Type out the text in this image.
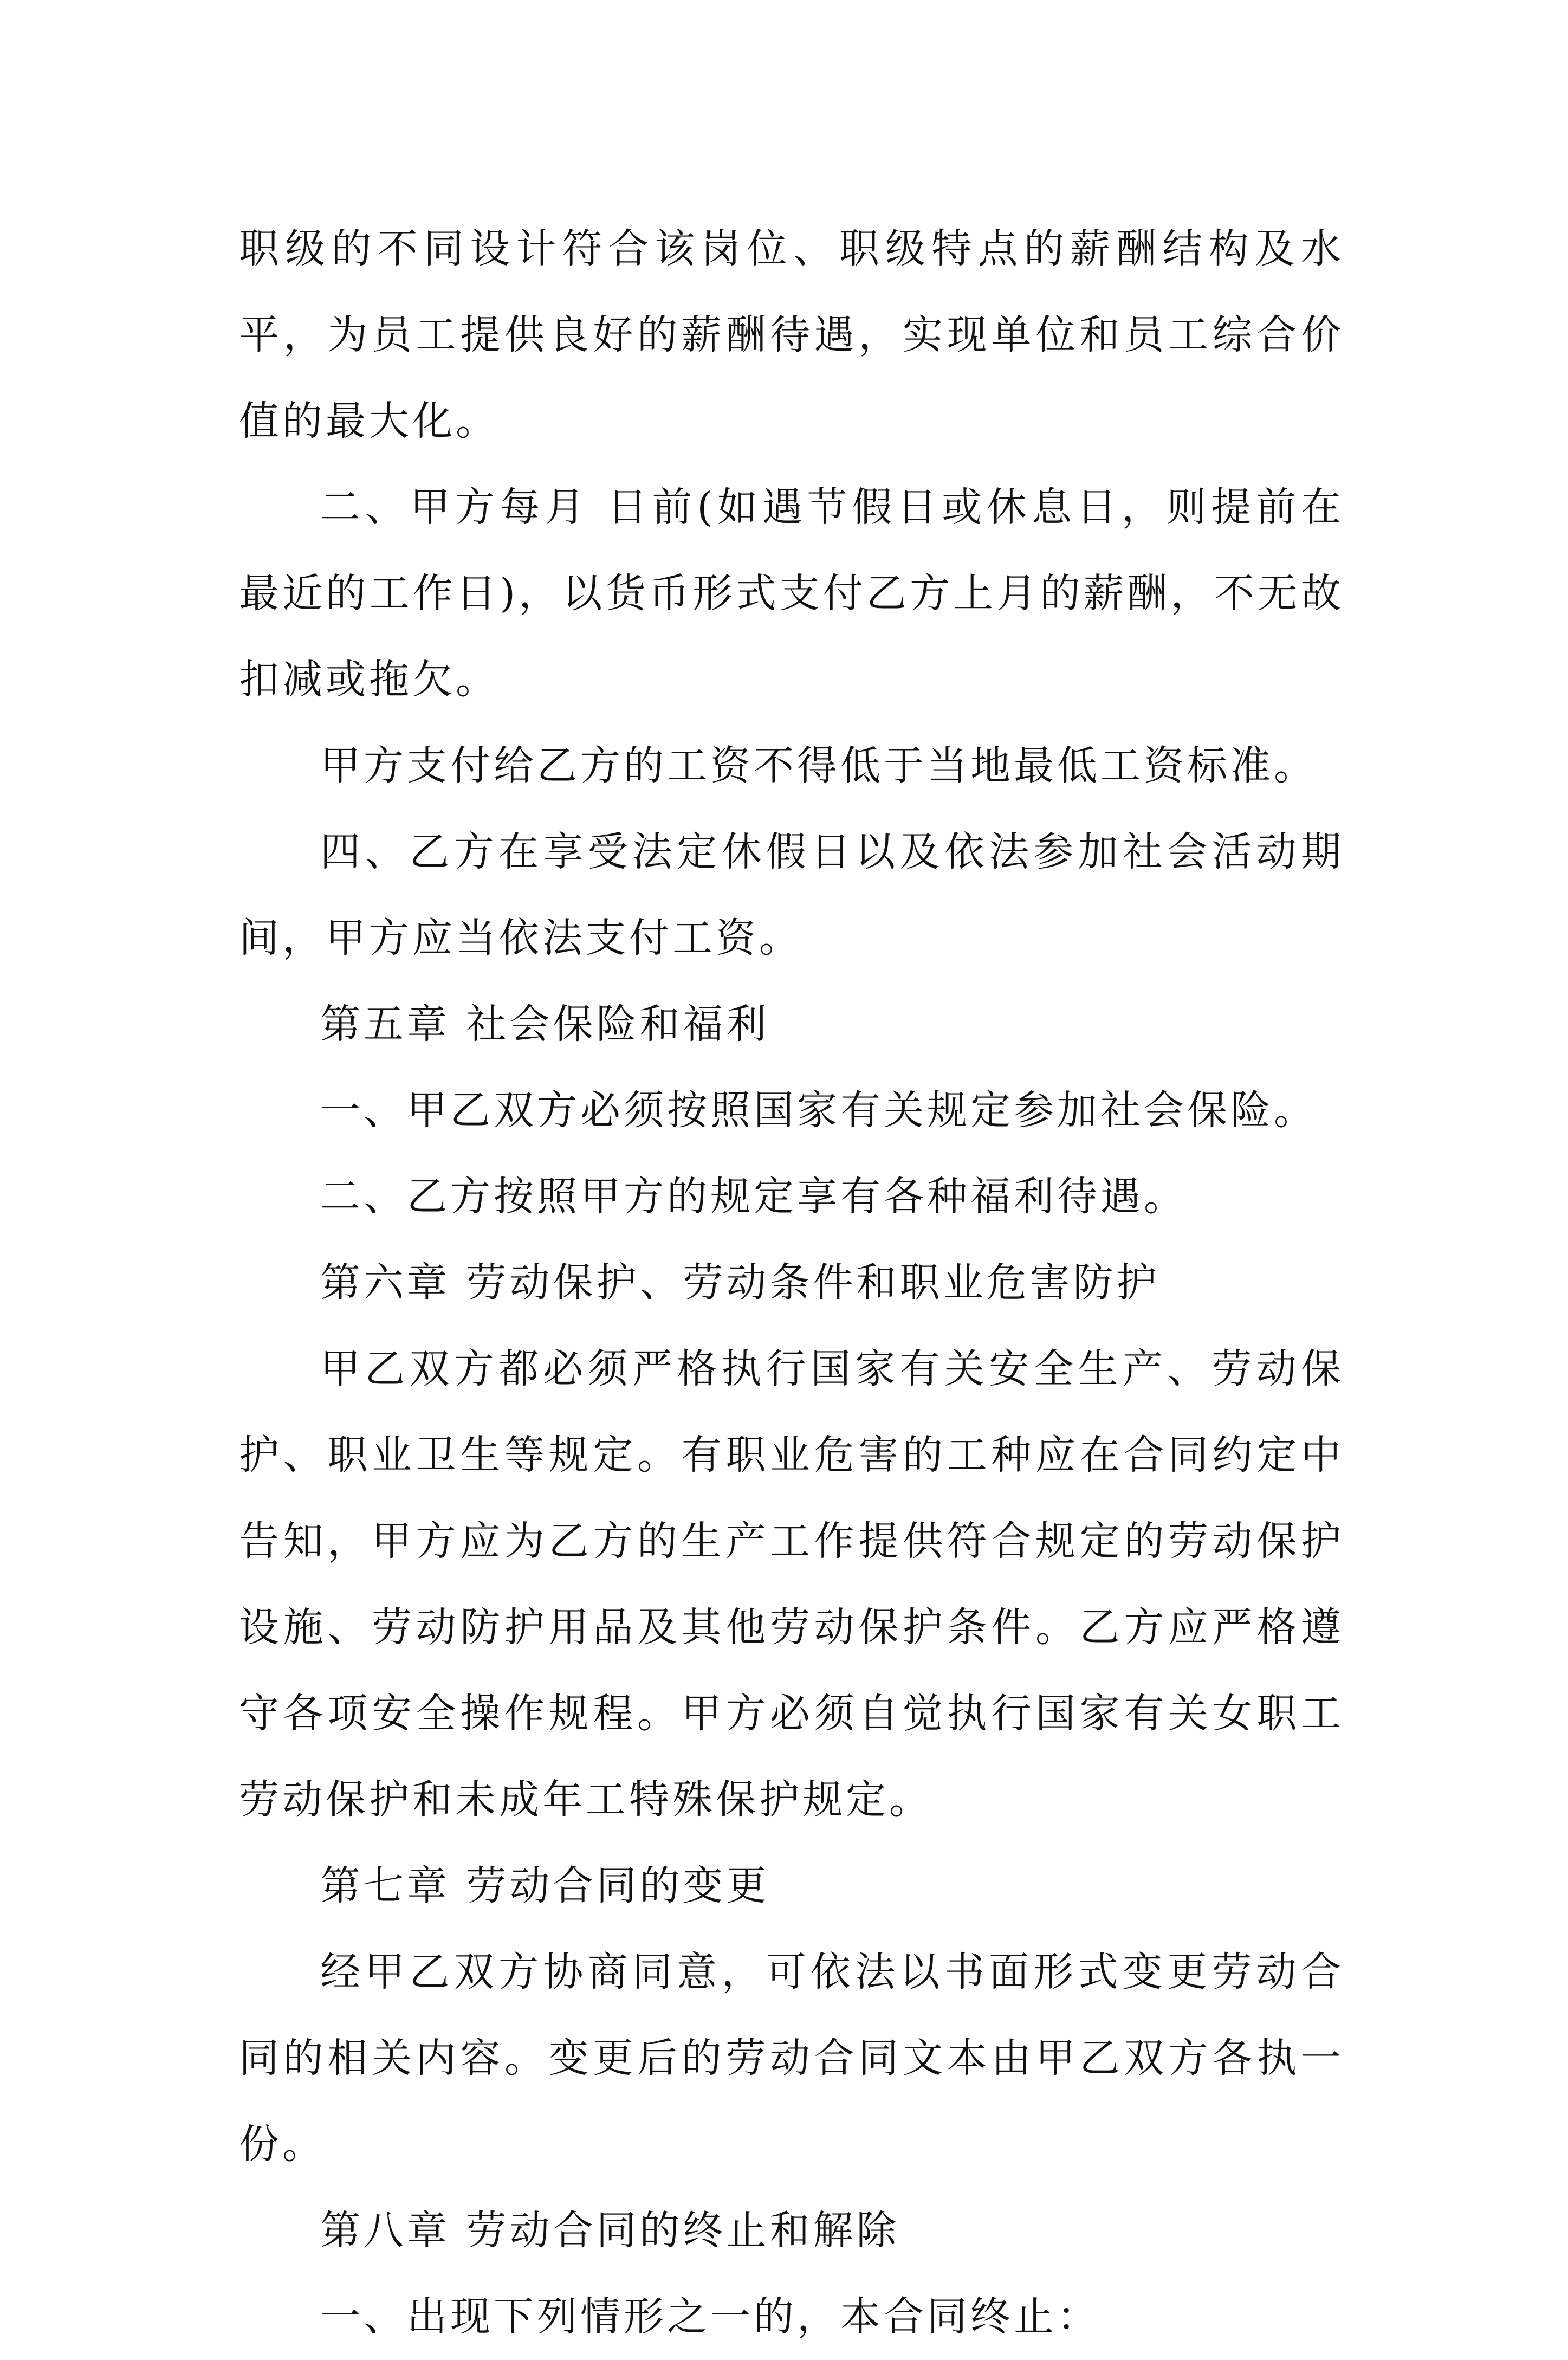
职级的不同设计符合该岗位、职级特点的薪酬结构及水平，为员工提供良好的薪酬待遇，实现单位和员工综合价值的最大化。

二、甲方每月 日前(如遇节假日或休息日，则提前在最近的工作日)，以货币形式支付乙方上月的薪酬，不无故扣减或拖欠。

甲方支付给乙方的工资不得低于当地最低工资标准。

四、乙方在享受法定休假日以及依法参加社会活动期间，甲方应当依法支付工资。

第五章 社会保险和福利

一、甲乙双方必须按照国家有关规定参加社会保险。

二、乙方按照甲方的规定享有各种福利待遇。

第六章 劳动保护、劳动条件和职业危害防护

甲乙双方都必须严格执行国家有关安全生产、劳动保护、职业卫生等规定。有职业危害的工种应在合同约定中告知，甲方应为乙方的生产工作提供符合规定的劳动保护设施、劳动防护用品及其他劳动保护条件。乙方应严格遵守各项安全操作规程。甲方必须自觉执行国家有关女职工劳动保护和未成年工特殊保护规定。

第七章 劳动合同的变更

经甲乙双方协商同意，可依法以书面形式变更劳动合同的相关内容。变更后的劳动合同文本由甲乙双方各执一份。

第八章 劳动合同的终止和解除

一、出现下列情形之一的，本合同终止：
